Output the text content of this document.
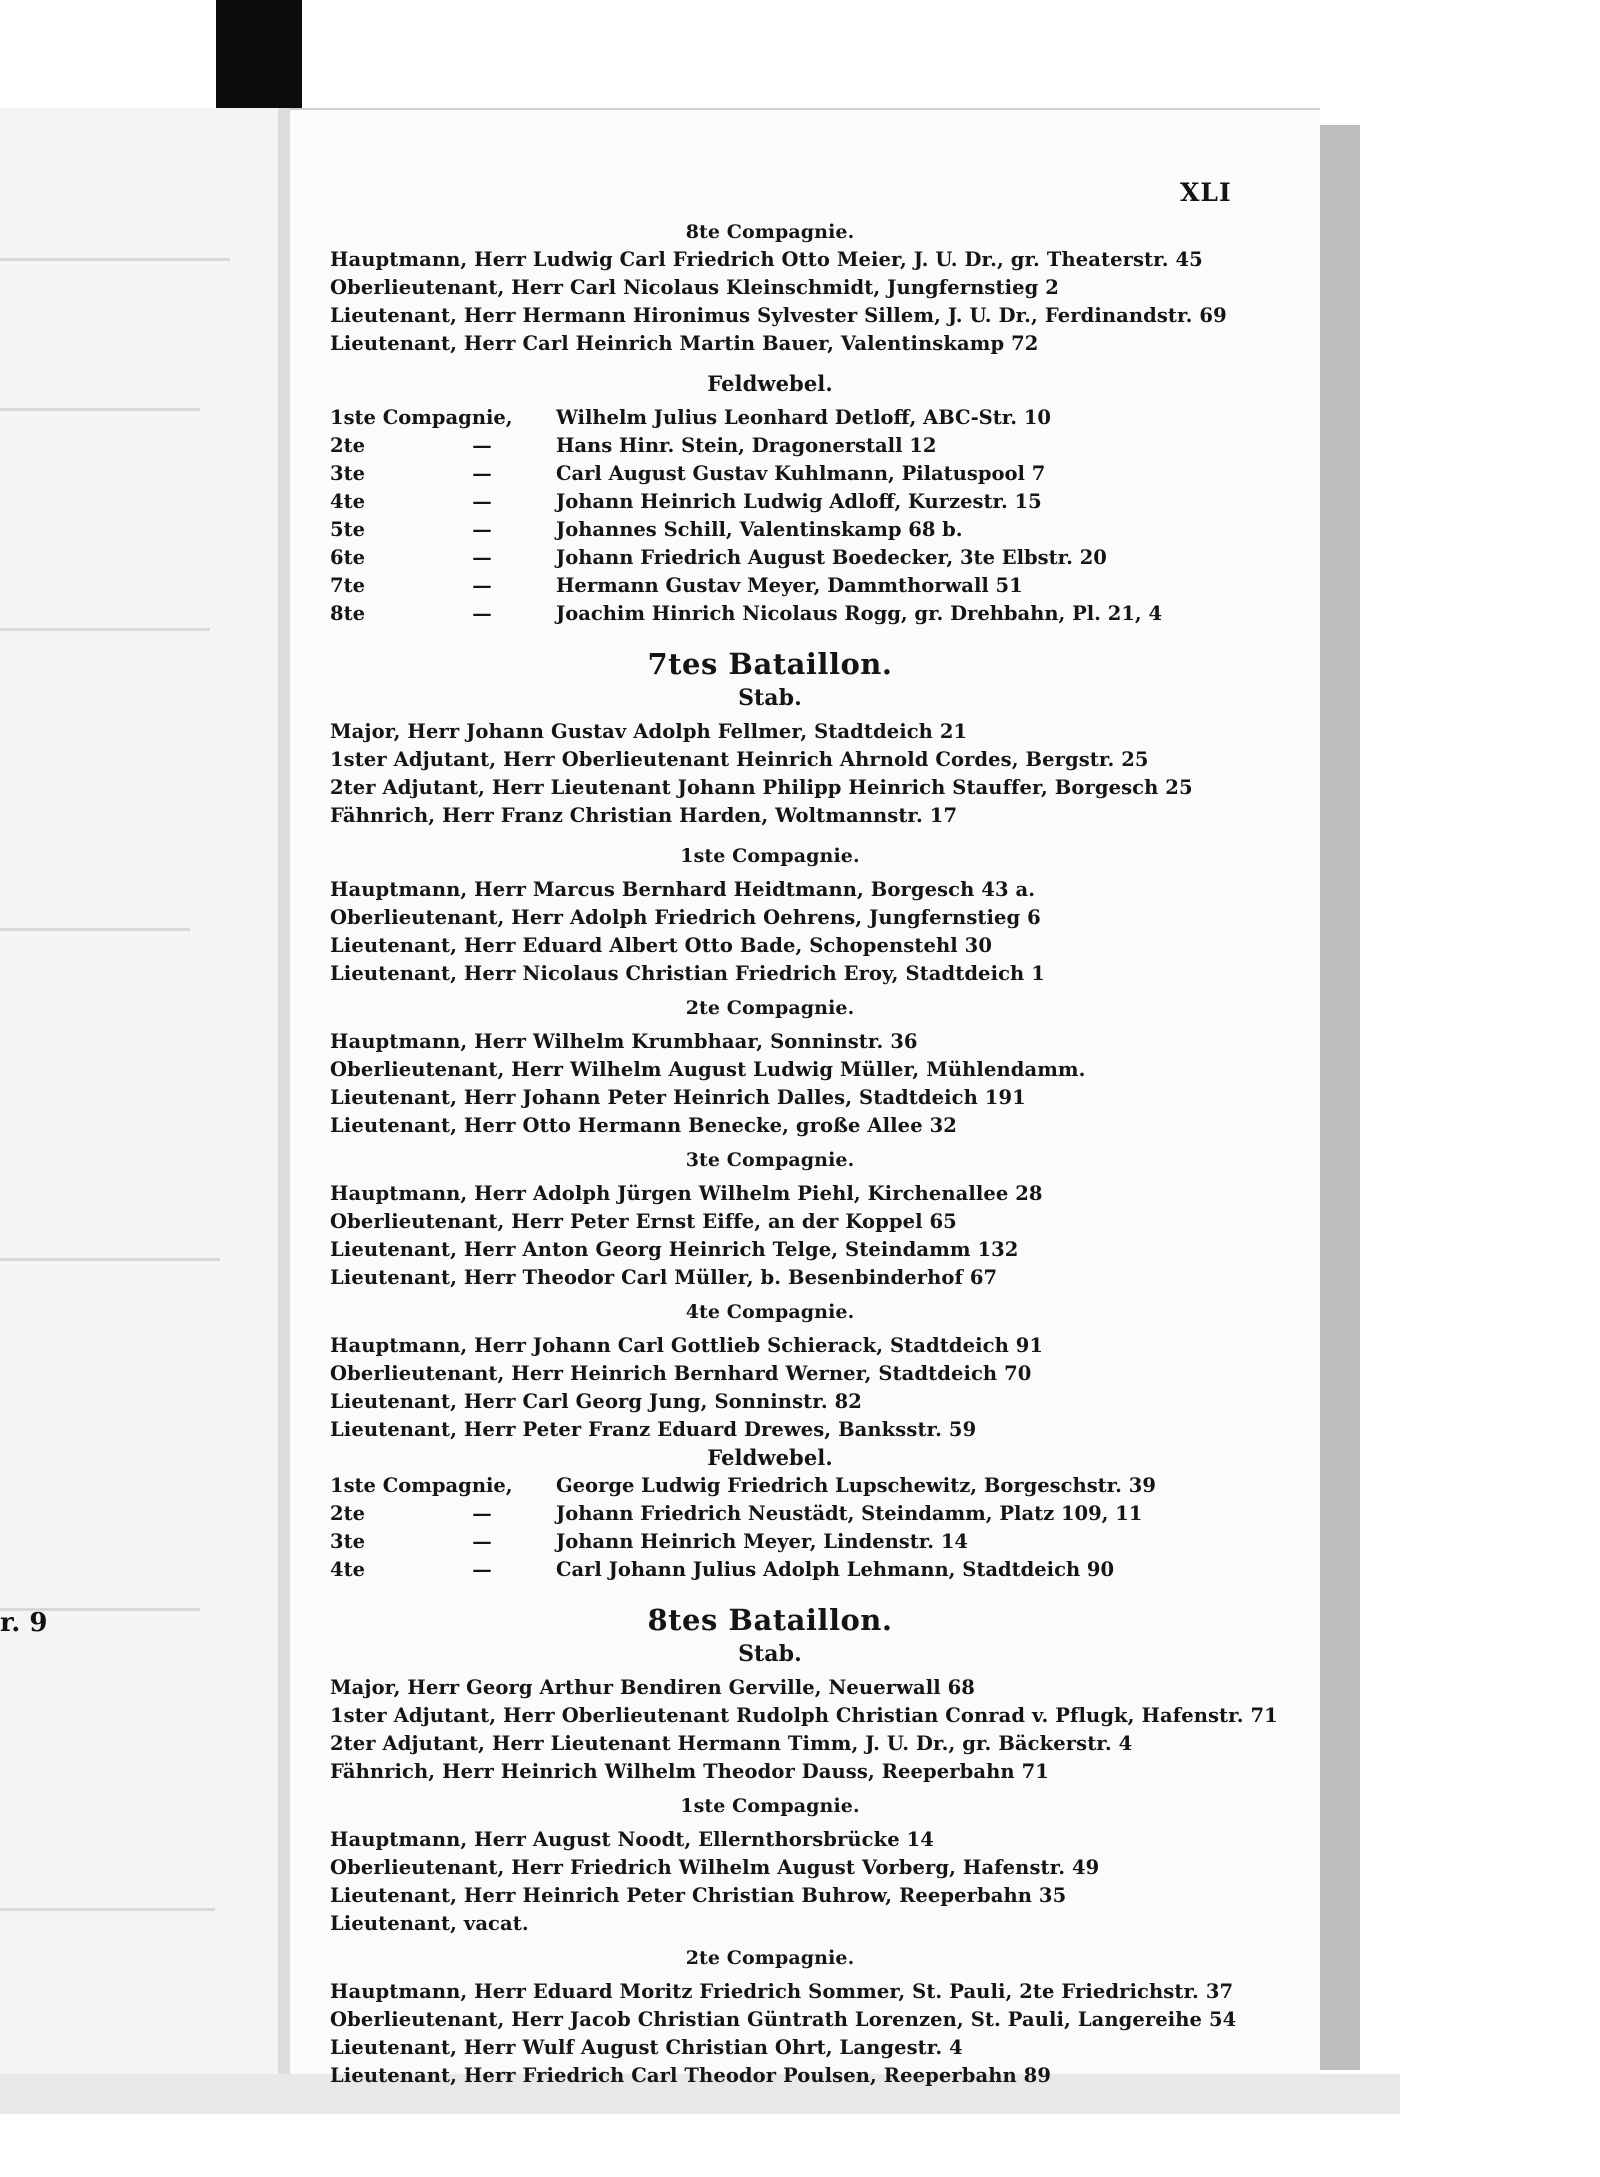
r. 9
XLI
8te Compagnie.
Hauptmann, Herr Ludwig Carl Friedrich Otto Meier, J. U. Dr., gr. Theaterstr. 45
Oberlieutenant, Herr Carl Nicolaus Kleinschmidt, Jungfernstieg 2
Lieutenant, Herr Hermann Hironimus Sylvester Sillem, J. U. Dr., Ferdinandstr. 69
Lieutenant, Herr Carl Heinrich Martin Bauer, Valentinskamp 72
Feldwebel.
1ste Compagnie, Wilhelm Julius Leonhard Detloff, ABC-Str. 10
2te	—	Hans Hinr. Stein, Dragonerstall 12
3te	—	Carl August Gustav Kuhlmann, Pilatuspool 7
4te	—	Johann Heinrich Ludwig Adloff, Kurzestr. 15
5te	—	Johannes Schill, Valentinskamp 68 b.
6te	—	Johann Friedrich August Boedecker, 3te Elbstr. 20
7te	—	Hermann Gustav Meyer, Dammthorwall 51
8te	—	Joachim Hinrich Nicolaus Rogg, gr. Drehbahn, Pl. 21, 4
7tes Bataillon.
Stab.
Major, Herr Johann Gustav Adolph Fellmer, Stadtdeich 21
1ster Adjutant, Herr Oberlieutenant Heinrich Ahrnold Cordes, Bergstr. 25
2ter Adjutant, Herr Lieutenant Johann Philipp Heinrich Stauffer, Borgesch 25
Fähnrich, Herr Franz Christian Harden, Woltmannstr. 17
1ste Compagnie.
Hauptmann, Herr Marcus Bernhard Heidtmann, Borgesch 43 a.
Oberlieutenant, Herr Adolph Friedrich Oehrens, Jungfernstieg 6
Lieutenant, Herr Eduard Albert Otto Bade, Schopenstehl 30
Lieutenant, Herr Nicolaus Christian Friedrich Eroy, Stadtdeich 1
2te Compagnie.
Hauptmann, Herr Wilhelm Krumbhaar, Sonninstr. 36
Oberlieutenant, Herr Wilhelm August Ludwig Müller, Mühlendamm.
Lieutenant, Herr Johann Peter Heinrich Dalles, Stadtdeich 191
Lieutenant, Herr Otto Hermann Benecke, große Allee 32
3te Compagnie.
Hauptmann, Herr Adolph Jürgen Wilhelm Piehl, Kirchenallee 28
Oberlieutenant, Herr Peter Ernst Eiffe, an der Koppel 65
Lieutenant, Herr Anton Georg Heinrich Telge, Steindamm 132
Lieutenant, Herr Theodor Carl Müller, b. Besenbinderhof 67
4te Compagnie.
Hauptmann, Herr Johann Carl Gottlieb Schierack, Stadtdeich 91
Oberlieutenant, Herr Heinrich Bernhard Werner, Stadtdeich 70
Lieutenant, Herr Carl Georg Jung, Sonninstr. 82
Lieutenant, Herr Peter Franz Eduard Drewes, Banksstr. 59
Feldwebel.
1ste Compagnie, George Ludwig Friedrich Lupschewitz, Borgeschstr. 39
2te	—	Johann Friedrich Neustädt, Steindamm, Platz 109, 11
3te	—	Johann Heinrich Meyer, Lindenstr. 14
4te	—	Carl Johann Julius Adolph Lehmann, Stadtdeich 90
8tes Bataillon.
Stab.
Major, Herr Georg Arthur Bendiren Gerville, Neuerwall 68
1ster Adjutant, Herr Oberlieutenant Rudolph Christian Conrad v. Pflugk, Hafenstr. 71
2ter Adjutant, Herr Lieutenant Hermann Timm, J. U. Dr., gr. Bäckerstr. 4
Fähnrich, Herr Heinrich Wilhelm Theodor Dauss, Reeperbahn 71
1ste Compagnie.
Hauptmann, Herr August Noodt, Ellernthorsbrücke 14
Oberlieutenant, Herr Friedrich Wilhelm August Vorberg, Hafenstr. 49
Lieutenant, Herr Heinrich Peter Christian Buhrow, Reeperbahn 35
Lieutenant, vacat.
2te Compagnie.
Hauptmann, Herr Eduard Moritz Friedrich Sommer, St. Pauli, 2te Friedrichstr. 37
Oberlieutenant, Herr Jacob Christian Güntrath Lorenzen, St. Pauli, Langereihe 54
Lieutenant, Herr Wulf August Christian Ohrt, Langestr. 4
Lieutenant, Herr Friedrich Carl Theodor Poulsen, Reeperbahn 89
